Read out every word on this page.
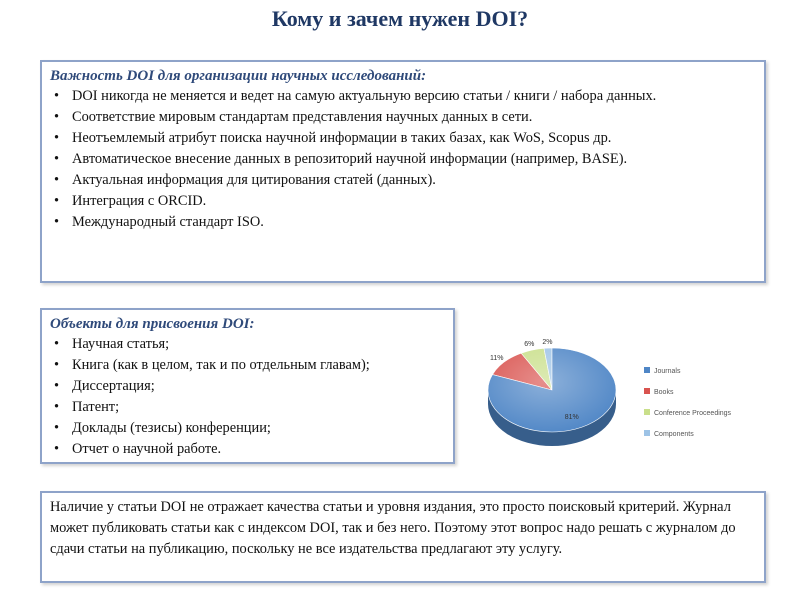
Кому и зачем нужен DOI?
Важность DOI для организации научных исследований:
• DOI никогда не меняется и ведет на самую актуальную версию статьи / книги / набора данных.
• Соответствие мировым стандартам представления научных данных в сети.
• Неотъемлемый атрибут поиска научной информации в таких базах, как WoS, Scopus др.
• Автоматическое внесение данных в репозиторий научной информации (например, BASE).
• Актуальная информация для цитирования статей (данных).
• Интеграция с ORCID.
• Международный стандарт ISO.
Объекты для присвоения DOI:
• Научная статья;
• Книга (как в целом, так и по отдельным главам);
• Диссертация;
• Патент;
• Доклады (тезисы) конференции;
• Отчет о научной работе.
11%
6% 2%
81%
Journals
Books
Conference Proceedings
Components
Наличие у статьи DOI не отражает качества статьи и уровня издания, это просто поисковый критерий. Журнал может публиковать статьи как с индексом DOI, так и без него. Поэтому этот вопрос надо решать с журналом до сдачи статьи на публикацию, поскольку не все издательства предлагают эту услугу.
